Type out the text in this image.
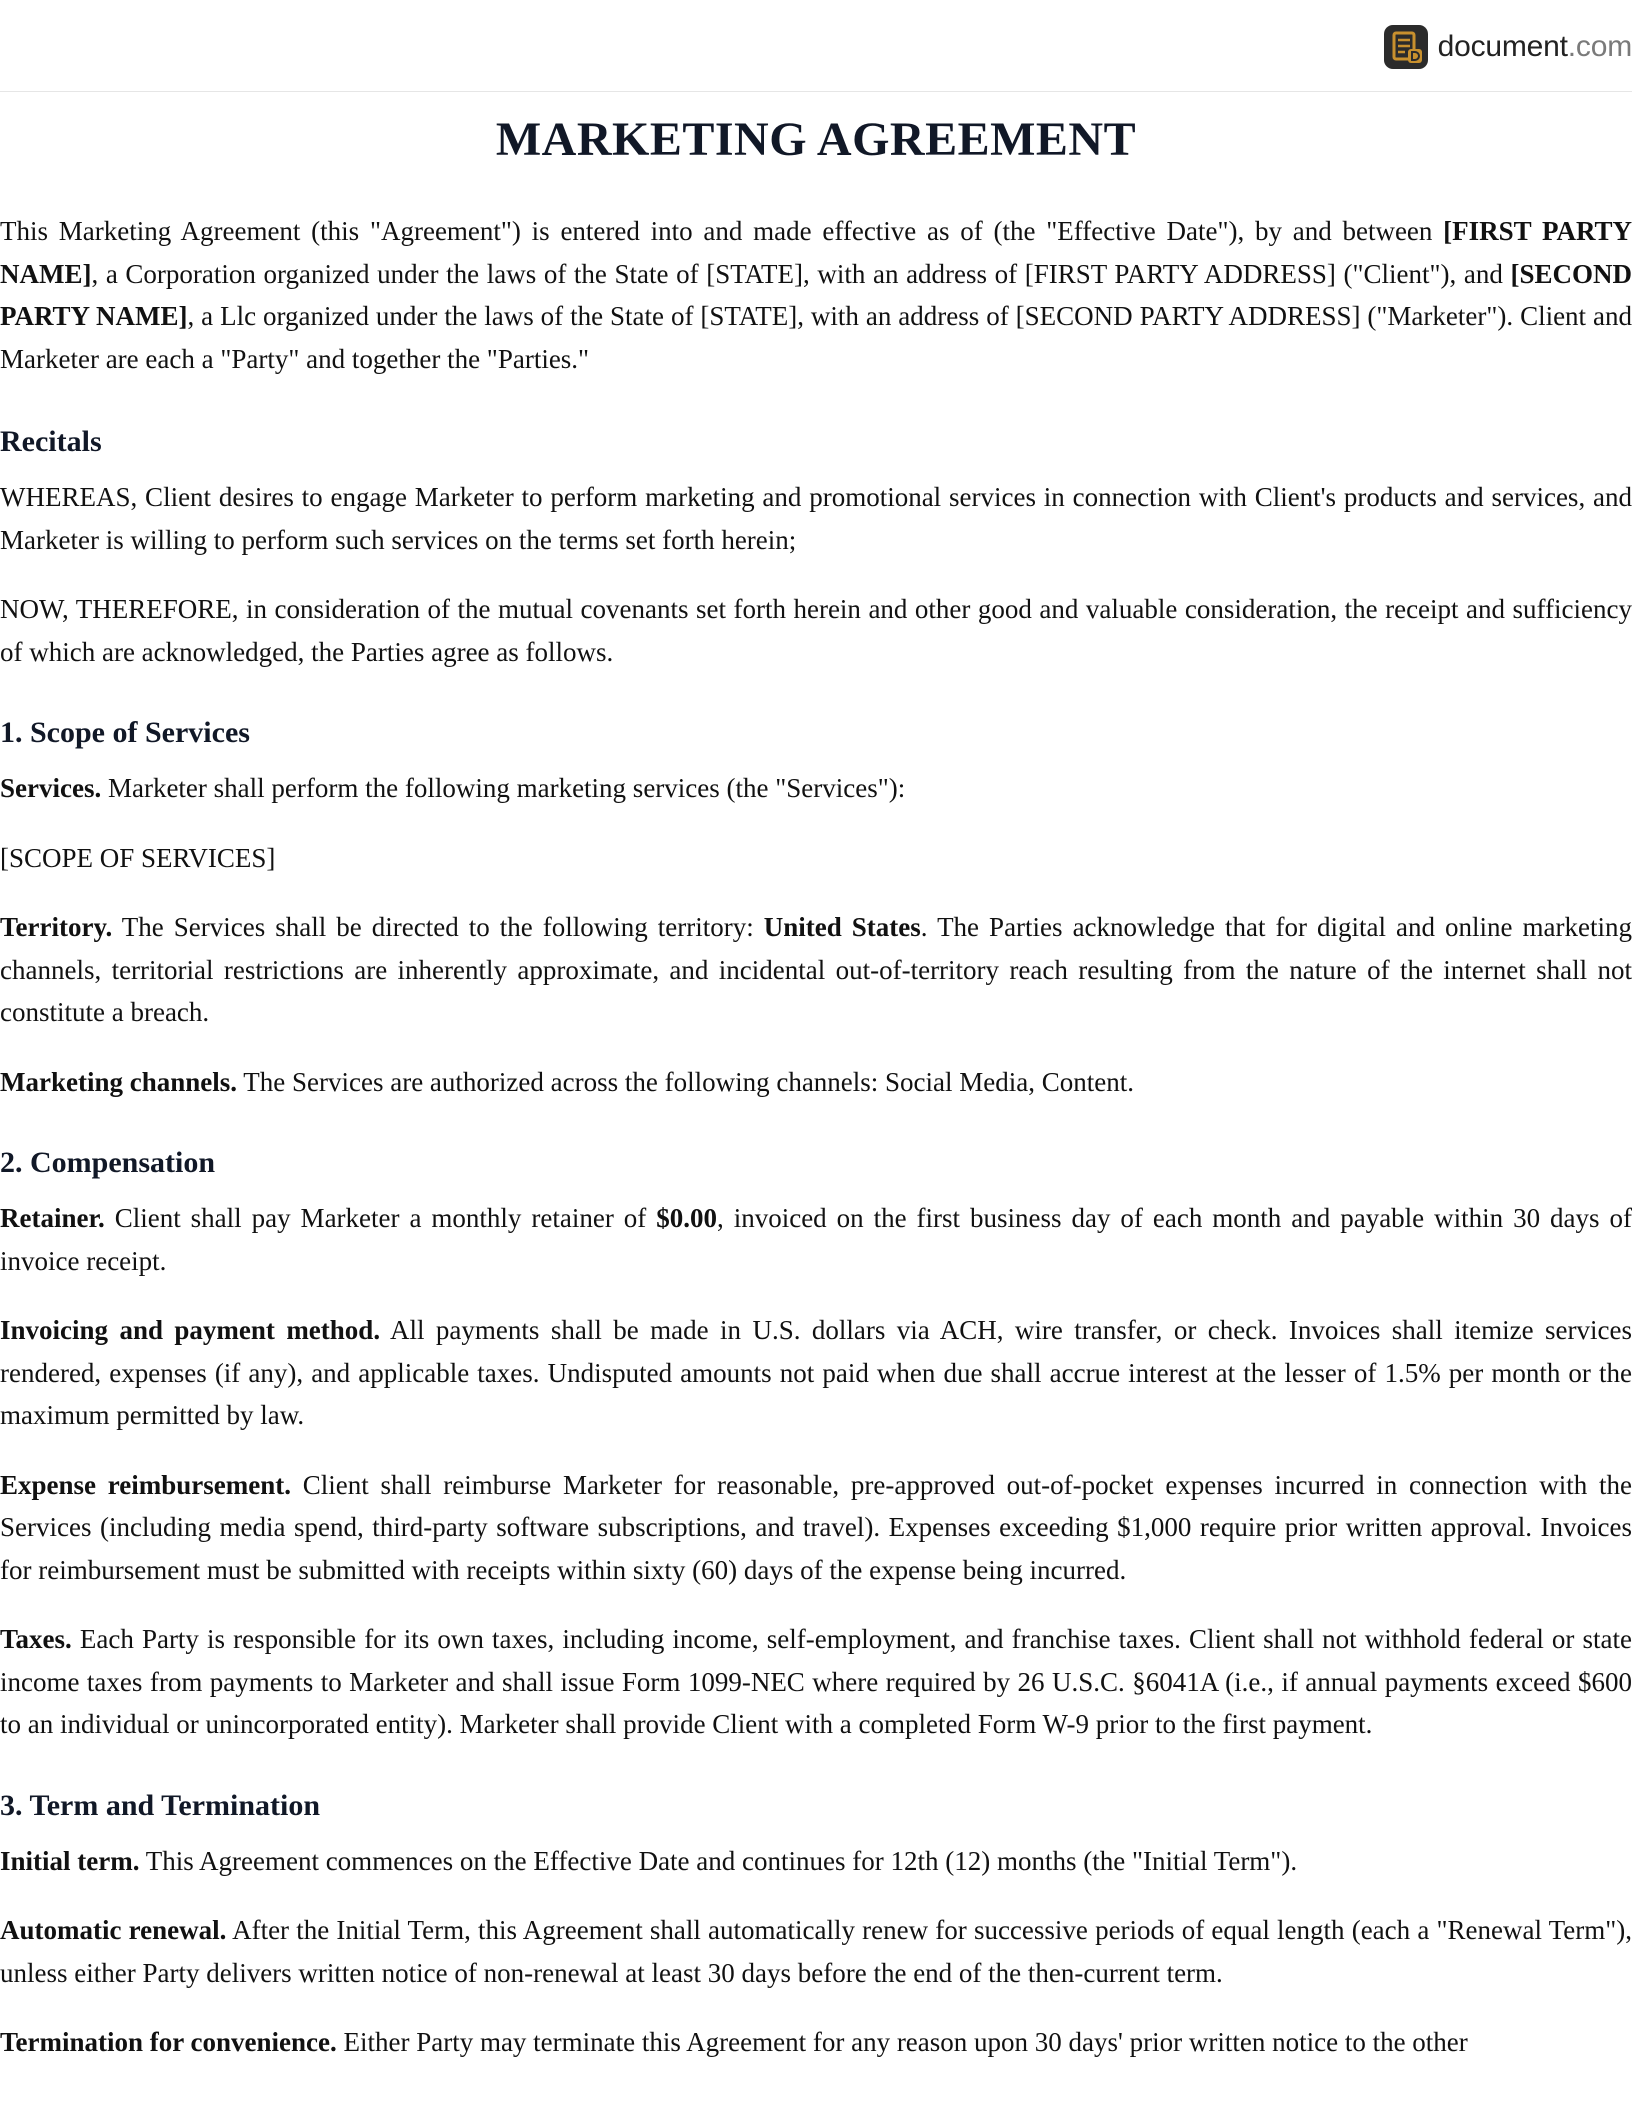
document.com
MARKETING AGREEMENT

This Marketing Agreement (this "Agreement") is entered into and made effective as of (the "Effective Date"), by and between [FIRST PARTY NAME], a Corporation organized under the laws of the State of [STATE], with an address of [FIRST PARTY ADDRESS] ("Client"), and [SECOND PARTY NAME], a Llc organized under the laws of the State of [STATE], with an address of [SECOND PARTY ADDRESS] ("Marketer"). Client and Marketer are each a "Party" and together the "Parties."

Recitals

WHEREAS, Client desires to engage Marketer to perform marketing and promotional services in connection with Client's products and services, and Marketer is willing to perform such services on the terms set forth herein;

NOW, THEREFORE, in consideration of the mutual covenants set forth herein and other good and valuable consideration, the receipt and sufficiency of which are acknowledged, the Parties agree as follows.

1. Scope of Services

Services. Marketer shall perform the following marketing services (the "Services"):

[SCOPE OF SERVICES]

Territory. The Services shall be directed to the following territory: United States. The Parties acknowledge that for digital and online marketing channels, territorial restrictions are inherently approximate, and incidental out-of-territory reach resulting from the nature of the internet shall not constitute a breach.

Marketing channels. The Services are authorized across the following channels: Social Media, Content.

2. Compensation

Retainer. Client shall pay Marketer a monthly retainer of $0.00, invoiced on the first business day of each month and payable within 30 days of invoice receipt.

Invoicing and payment method. All payments shall be made in U.S. dollars via ACH, wire transfer, or check. Invoices shall itemize services rendered, expenses (if any), and applicable taxes. Undisputed amounts not paid when due shall accrue interest at the lesser of 1.5% per month or the maximum permitted by law.

Expense reimbursement. Client shall reimburse Marketer for reasonable, pre-approved out-of-pocket expenses incurred in connection with the Services (including media spend, third-party software subscriptions, and travel). Expenses exceeding $1,000 require prior written approval. Invoices for reimbursement must be submitted with receipts within sixty (60) days of the expense being incurred.

Taxes. Each Party is responsible for its own taxes, including income, self-employment, and franchise taxes. Client shall not withhold federal or state income taxes from payments to Marketer and shall issue Form 1099-NEC where required by 26 U.S.C. §6041A (i.e., if annual payments exceed $600 to an individual or unincorporated entity). Marketer shall provide Client with a completed Form W-9 prior to the first payment.

3. Term and Termination

Initial term. This Agreement commences on the Effective Date and continues for 12th (12) months (the "Initial Term").

Automatic renewal. After the Initial Term, this Agreement shall automatically renew for successive periods of equal length (each a "Renewal Term"), unless either Party delivers written notice of non-renewal at least 30 days before the end of the then-current term.

Termination for convenience. Either Party may terminate this Agreement for any reason upon 30 days' prior written notice to the other
